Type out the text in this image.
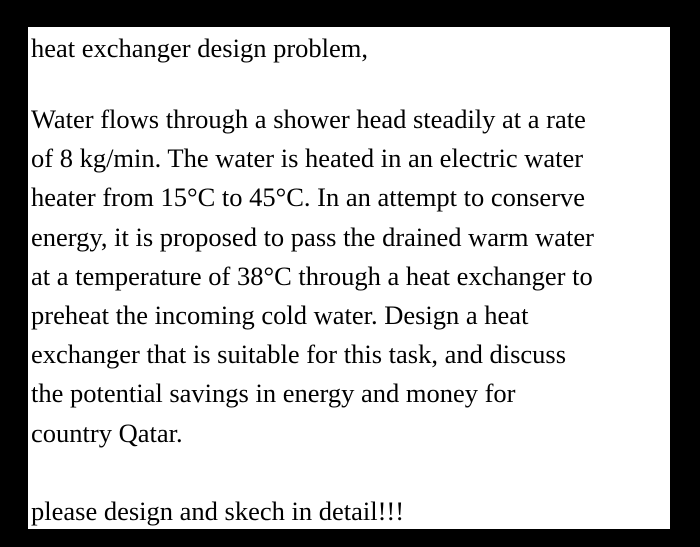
heat exchanger design problem,

Water flows through a shower head steadily at a rate
of 8 kg/min. The water is heated in an electric water
heater from 15°C to 45°C. In an attempt to conserve
energy, it is proposed to pass the drained warm water
at a temperature of 38°C through a heat exchanger to
preheat the incoming cold water. Design a heat
exchanger that is suitable for this task, and discuss
the potential savings in energy and money for
country Qatar.

please design and skech in detail!!!
